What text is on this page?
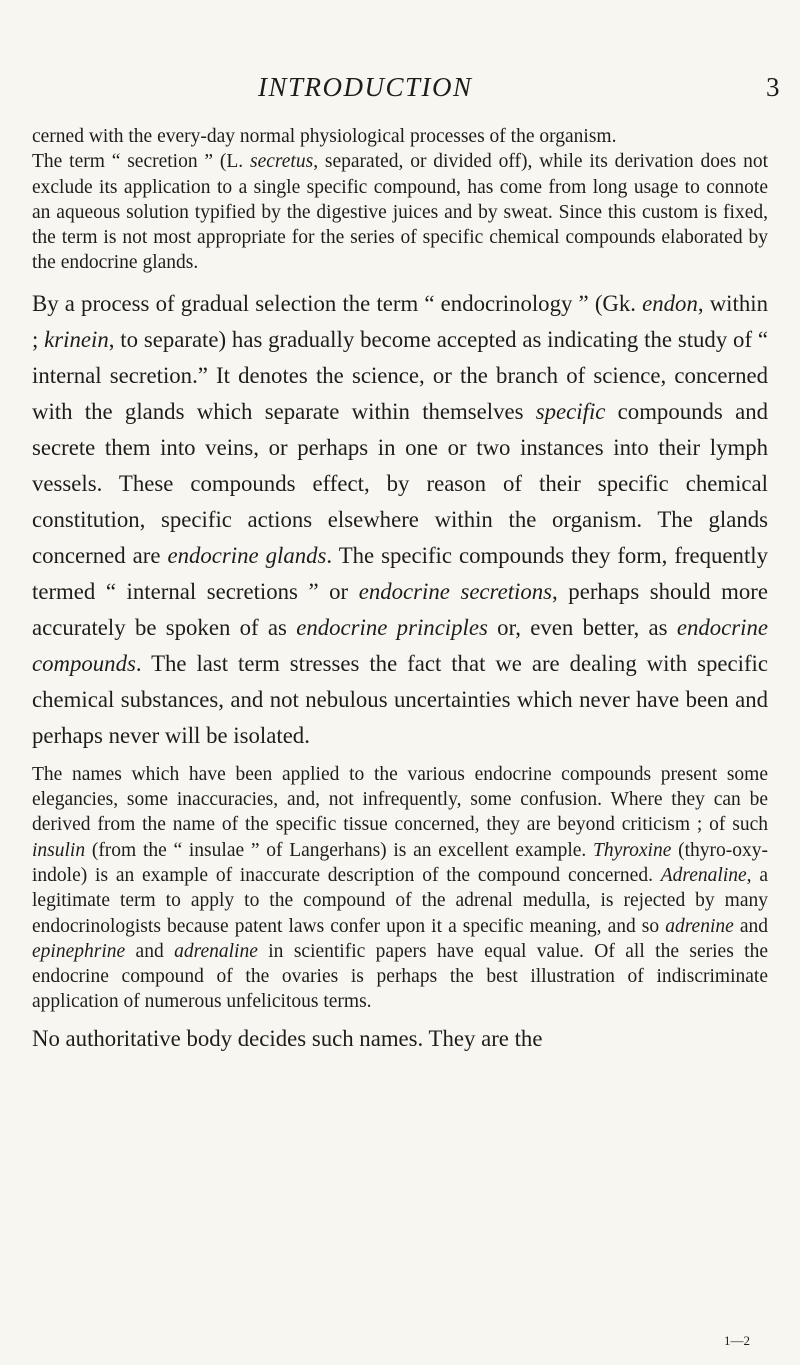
INTRODUCTION	3

cerned with the every-day normal physiological processes of the organism.

The term “ secretion ” (L. secretus, separated, or divided off), while its derivation does not exclude its application to a single specific compound, has come from long usage to connote an aqueous solution typified by the digestive juices and by sweat. Since this custom is fixed, the term is not most appropriate for the series of specific chemical compounds elaborated by the endocrine glands.

By a process of gradual selection the term “ endocrinology ” (Gk. endon, within ; krinein, to separate) has gradually become accepted as indicating the study of “ internal secretion.” It denotes the science, or the branch of science, concerned with the glands which separate within themselves specific compounds and secrete them into veins, or perhaps in one or two instances into their lymph vessels. These compounds effect, by reason of their specific chemical constitution, specific actions elsewhere within the organism. The glands concerned are endocrine glands. The specific compounds they form, frequently termed “ internal secretions ” or endocrine secretions, perhaps should more accurately be spoken of as endocrine principles or, even better, as endocrine compounds. The last term stresses the fact that we are dealing with specific chemical substances, and not nebulous uncertainties which never have been and perhaps never will be isolated.

The names which have been applied to the various endocrine compounds present some elegancies, some inaccuracies, and, not infrequently, some confusion. Where they can be derived from the name of the specific tissue concerned, they are beyond criticism ; of such insulin (from the “ insulae ” of Langerhans) is an excellent example. Thyroxine (thyro-oxy-indole) is an example of inaccurate description of the compound concerned. Adrenaline, a legitimate term to apply to the compound of the adrenal medulla, is rejected by many endocrinologists because patent laws confer upon it a specific meaning, and so adrenine and epinephrine and adrenaline in scientific papers have equal value. Of all the series the endocrine compound of the ovaries is perhaps the best illustration of indiscriminate application of numerous unfelicitous terms.

No authoritative body decides such names. They are the

1—2
